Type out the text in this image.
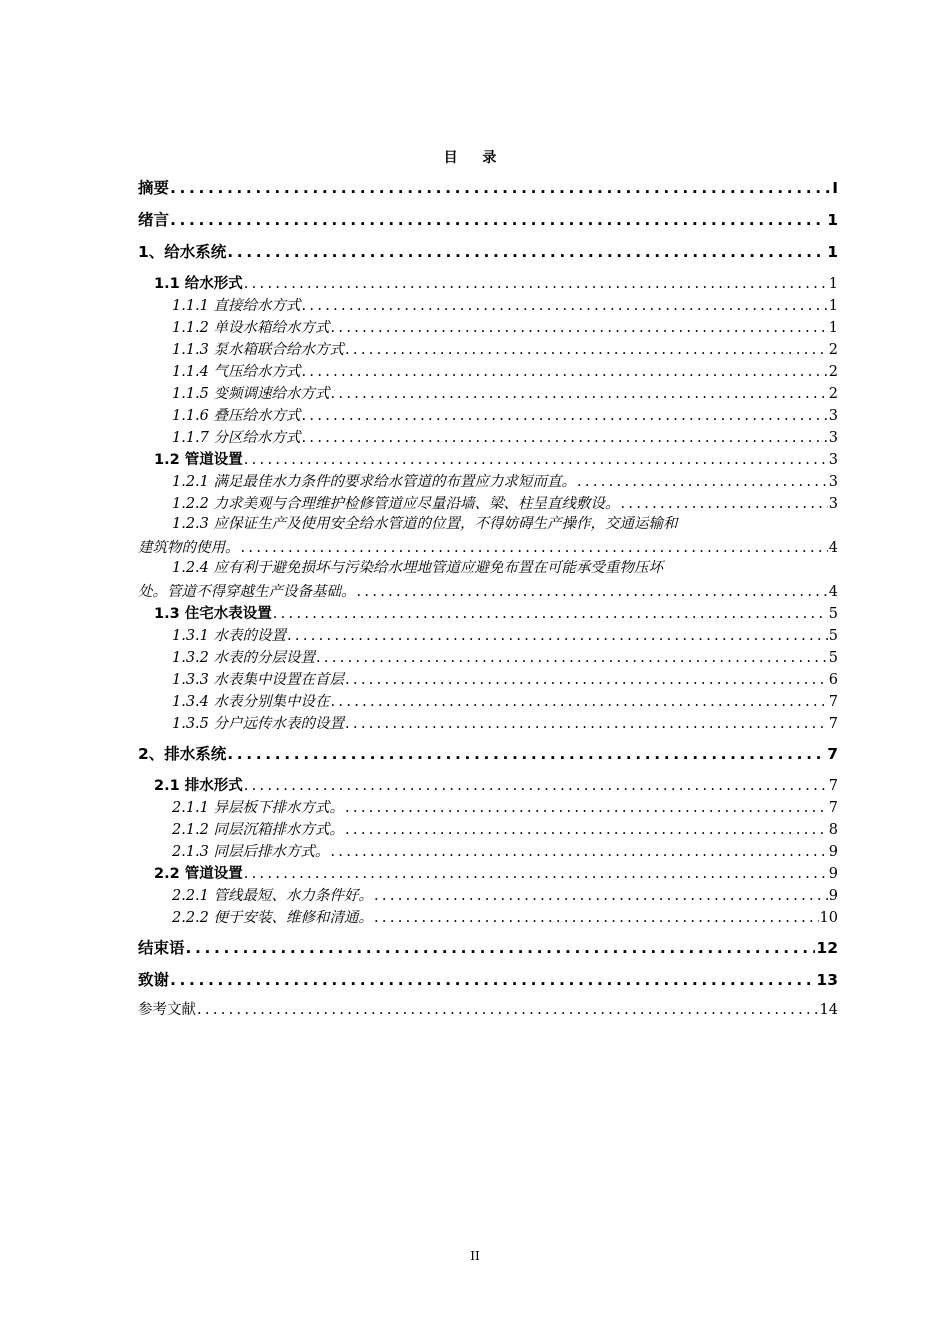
目 录
摘要 .....	I
绪言 .....	1
1、给水系统 .....	1
1.1 给水形式 .....	1
1.1.1 直接给水方式 .....	1
1.1.2 单设水箱给水方式 .....	1
1.1.3 泵水箱联合给水方式 .....	2
1.1.4 气压给水方式 .....	2
1.1.5 变频调速给水方式 .....	2
1.1.6 叠压给水方式 .....	3
1.1.7 分区给水方式 .....	3
1.2 管道设置 .....	3
1.2.1 满足最佳水力条件的要求给水管道的布置应力求短而直。 .....	3
1.2.2 力求美观与合理维护检修管道应尽量沿墙、梁、柱呈直线敷设。 .....	3
1.2.3 应保证生产及使用安全给水管道的位置，不得妨碍生产操作，交通运输和
建筑物的使用。 .....	4
1.2.4 应有利于避免损坏与污染给水埋地管道应避免布置在可能承受重物压坏
处。管道不得穿越生产设备基础。 .....	4
1.3 住宅水表设置 .....	5
1.3.1 水表的设置 .....	5
1.3.2 水表的分层设置 .....	5
1.3.3 水表集中设置在首层 .....	6
1.3.4 水表分别集中设在 .....	7
1.3.5 分户远传水表的设置 .....	7
2、排水系统 .....	7
2.1 排水形式 .....	7
2.1.1 异层板下排水方式。 .....	7
2.1.2 同层沉箱排水方式。 .....	8
2.1.3 同层后排水方式。 .....	9
2.2 管道设置 .....	9
2.2.1 管线最短、水力条件好。 .....	9
2.2.2 便于安装、维修和清通。 .....	10
结束语 .....	12
致谢 .....	13
参考文献 .....	14
II
